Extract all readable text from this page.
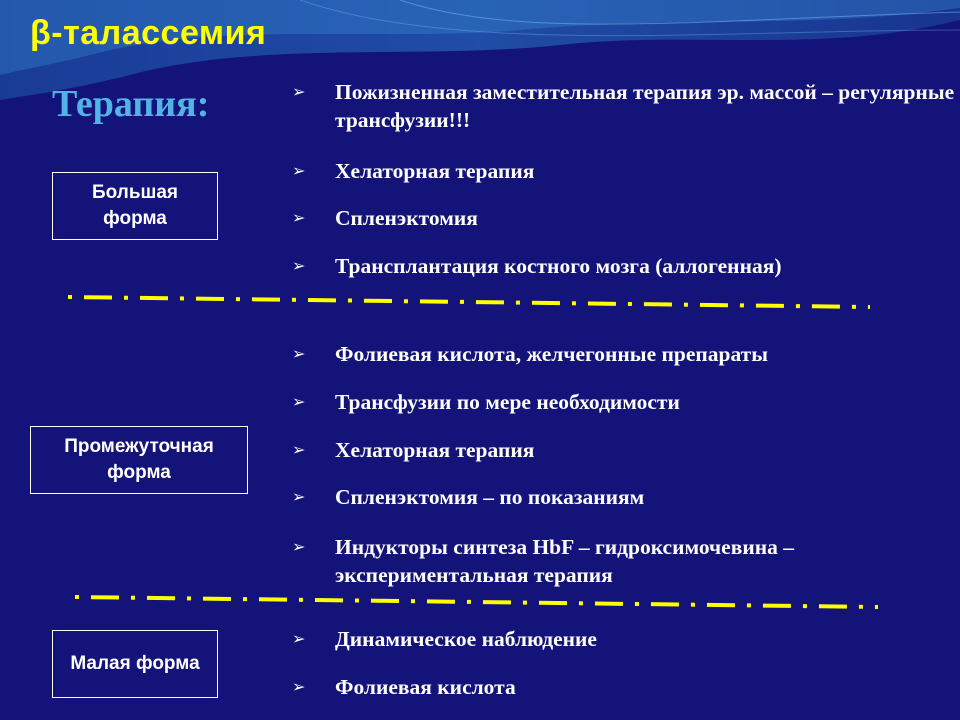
β-талассемия
Терапия:
Большая форма
Промежуточная форма
Малая форма
➢ Пожизненная заместительная терапия эр. массой – регулярные трансфузии!!!
➢ Хелаторная терапия
➢ Спленэктомия
➢ Трансплантация костного мозга (аллогенная)
➢ Фолиевая кислота, желчегонные препараты
➢ Трансфузии по мере необходимости
➢ Хелаторная терапия
➢ Спленэктомия – по показаниям
➢ Индукторы синтеза HbF – гидроксимочевина – экспериментальная терапия
➢ Динамическое наблюдение
➢ Фолиевая кислота
